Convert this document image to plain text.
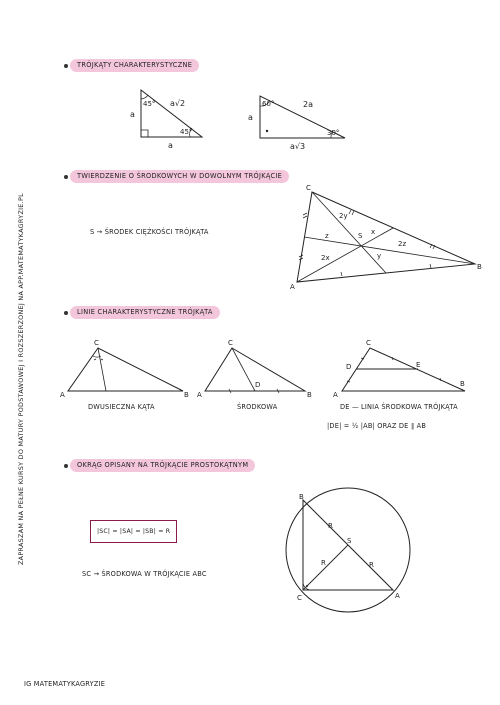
ZAPRASZAM NA PEŁNE KURSY DO MATURY PODSTAWOWEJ I ROZSZERZONEJ NA APP.MATEMATYKAGRYZIE.PL
TRÓJKĄTY CHARAKTERYSTYCZNE
45°
45°
a√2
a
a
60°
30°
2a
a
a√3
TWIERDZENIE O ŚRODKOWYCH W DOWOLNYM TRÓJKĄCIE
S → ŚRODEK CIĘŻKOŚCI TRÓJKĄTA
C
A
B
S
2y
y
x
2x
z
2z
LINIE CHARAKTERYSTYCZNE TRÓJKĄTA
C
A	B
DWUSIECZNA KĄTA
C
A	B
D
ŚRODKOWA
C
D	E
A
B
DE — LINIA ŚRODKOWA TRÓJKĄTA
|DE| = ½ |AB| ORAZ DE ∥ AB
OKRĄG OPISANY NA TRÓJKĄCIE PROSTOKĄTNYM
|SC| = |SA| = |SB| = R
SC → ŚRODKOWA W TRÓJKĄCIE ABC
B
C	A
S
R
R
R
IG MATEMATYKAGRYZIE
